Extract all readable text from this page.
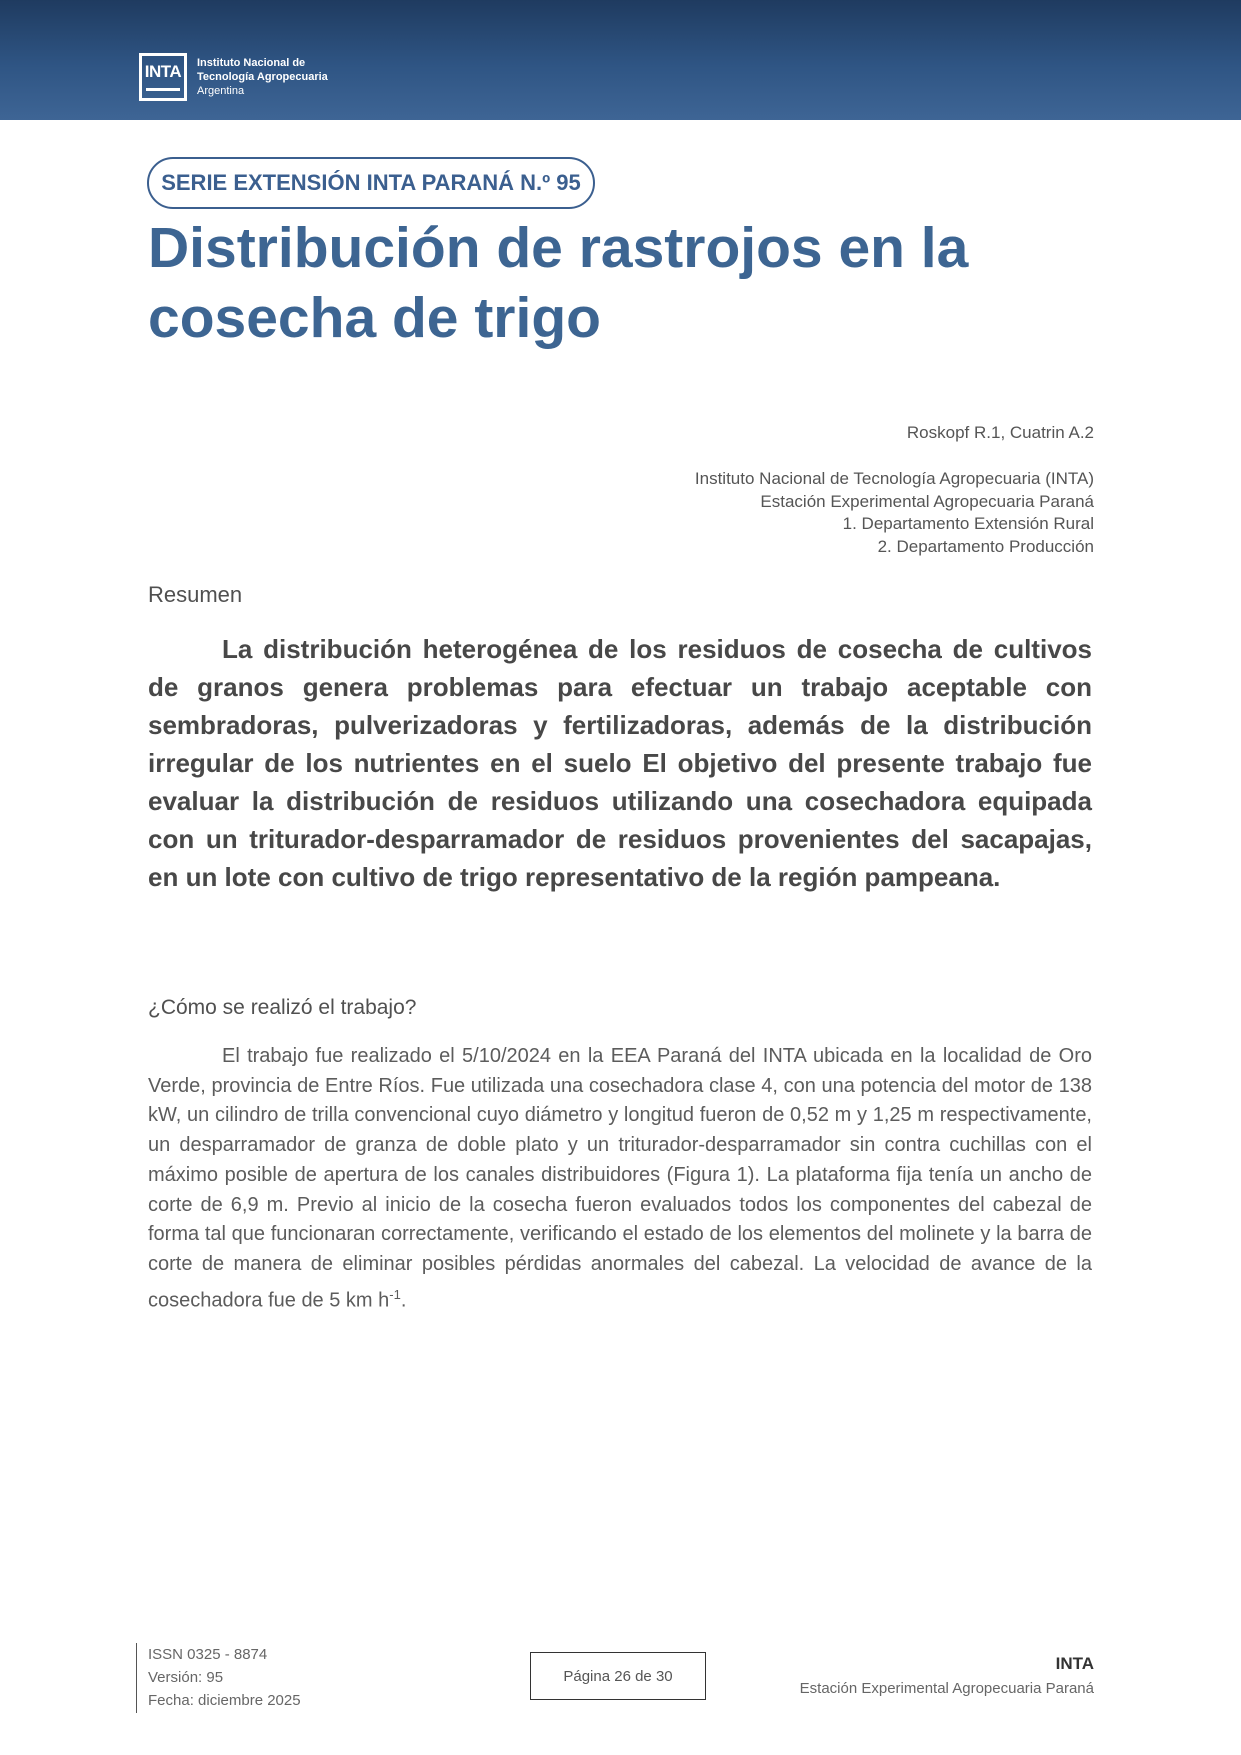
INTA	Instituto Nacional de
Tecnología Agropecuaria
Argentina
SERIE EXTENSIÓN INTA PARANÁ N.º 95
Distribución de rastrojos en la cosecha de trigo
Roskopf R.1, Cuatrin A.2
Instituto Nacional de Tecnología Agropecuaria (INTA)
Estación Experimental Agropecuaria Paraná
1. Departamento Extensión Rural
2. Departamento Producción
Resumen

La distribución heterogénea de los residuos de cosecha de cultivos de granos genera problemas para efectuar un trabajo aceptable con sembradoras, pulverizadoras y fertilizadoras, además de la distribución irregular de los nutrientes en el suelo El objetivo del presente trabajo fue evaluar la distribución de residuos utilizando una cosechadora equipada con un triturador-desparramador de residuos provenientes del sacapajas, en un lote con cultivo de trigo representativo de la región pampeana.

¿Cómo se realizó el trabajo?

El trabajo fue realizado el 5/10/2024 en la EEA Paraná del INTA ubicada en la localidad de Oro Verde, provincia de Entre Ríos. Fue utilizada una cosechadora clase 4, con una potencia del motor de 138 kW, un cilindro de trilla convencional cuyo diámetro y longitud fueron de 0,52 m y 1,25 m respectivamente, un desparramador de granza de doble plato y un triturador-desparramador sin contra cuchillas con el máximo posible de apertura de los canales distribuidores (Figura 1). La plataforma fija tenía un ancho de corte de 6,9 m. Previo al inicio de la cosecha fueron evaluados todos los componentes del cabezal de forma tal que funcionaran correctamente, verificando el estado de los elementos del molinete y la barra de corte de manera de eliminar posibles pérdidas anormales del cabezal. La velocidad de avance de la cosechadora fue de 5 km $h^{-1}$.

ISSN 0325 - 8874
Versión: 95
Fecha: diciembre 2025
Página 26 de 30
INTA
Estación Experimental Agropecuaria Paraná
